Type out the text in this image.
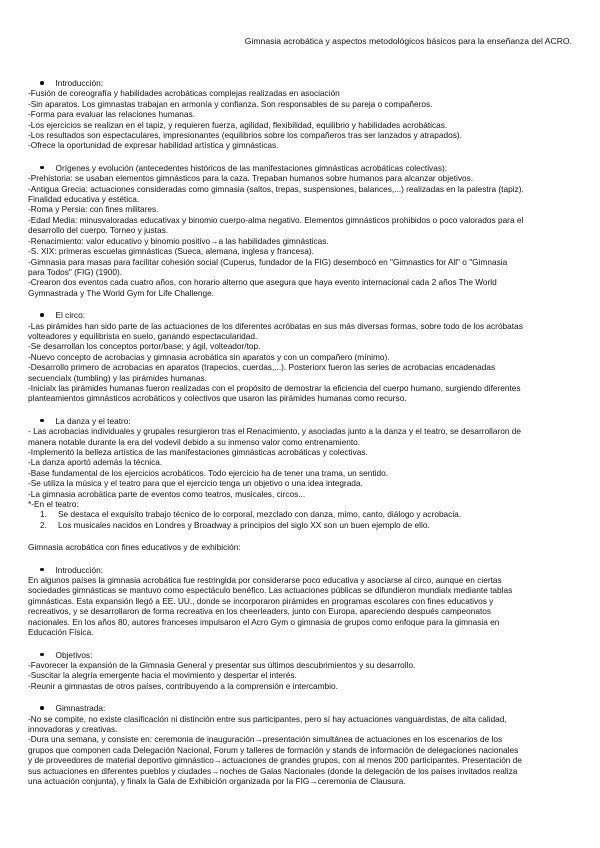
Gimnasia acrobática y aspectos metodológicos básicos para la enseñanza del ACRO.
Introducción:
-Fusión de coreografía y habilidades acrobáticas complejas realizadas en asociación
-Sin aparatos. Los gimnastas trabajan en armonía y confianza. Son responsables de su pareja o compañeros.
-Forma para evaluar las relaciones humanas.
-Los ejercicios se realizan en el tapiz, y requieren fuerza, agilidad, flexibilidad, equilibrio y habilidades acrobáticas.
-Los resultados son espectaculares, impresionantes (equilibrios sobre los compañeros tras ser lanzados y atrapados).
-Ofrece la oportunidad de expresar habilidad artística y gimnásticas.
Orígenes y evolución (antecedentes históricos de las manifestaciones gimnásticas acrobáticas colectivas):
-Prehistoria: se usaban elementos gimnásticos para la caza. Trepaban humanos sobre humanos para alcanzar objetivos.
-Antigua Grecia: actuaciones consideradas como gimnasia (saltos, trepas, suspensiones, balances,...) realizadas en la palestra (tapiz).
Finalidad educativa y estética.
-Roma y Persia: con fines militares.
-Edad Media: minusvaloradas educativax y binomio cuerpo-alma negativo. Elementos gimnásticos prohibidos o poco valorados para el
desarrollo del cuerpo. Torneo y justas.
-Renacimiento: valor educativo y binomio positivo→a las habilidades gimnásticas.
-S. XIX: primeras escuelas gimnásticas (Sueca, alemana, inglesa y francesa).
-Gimnasia para masas para facilitar cohesión social (Cuperus, fundador de la FIG) desembocó en "Gimnastics for All" o "Gimnasia
para Todos" (FIG) (1900).
-Crearon dos eventos cada cuatro años, con horario alterno que asegura que haya evento internacional cada 2 años The World
Gymnastrada y The World Gym for Life Challenge.
El circo:
-Las pirámides han sido parte de las actuaciones de los diferentes acróbatas en sus más diversas formas, sobre todo de los acróbatas
volteadores y equilibrista en suelo, ganando espectacularidad.
-Se desarrollan los conceptos portor/base; y ágil, volteador/top.
-Nuevo concepto de acrobacias y gimnasia acrobática sin aparatos y con un compañero (mínimo).
-Desarrollo primero de acrobacias en aparatos (trapecios, cuerdas,...). Posteriorx fueron las series de acrobacias encadenadas
secuencialx (tumbling) y las pirámides humanas.
-Inicialx las pirámides humanas fueron realizadas con el propósito de demostrar la eficiencia del cuerpo humano, surgiendo diferentes
planteamientos gimnásticos acrobáticos y colectivos que usaron las pirámides humanas como recurso.
La danza y el teatro:
- Las acrobacias individuales y grupales resurgieron tras el Renacimiento, y asociadas junto a la danza y el teatro, se desarrollaron de
manera notable durante la era del vodevil debido a su inmenso valor como entrenamiento.
-Implementó la belleza artística de las manifestaciones gimnásticas acrobáticas y colectivas.
-La danza aportó además la técnica.
-Base fundamental de los ejercicios acrobáticos. Todo ejercicio ha de tener una trama, un sentido.
-Se utiliza la música y el teatro para que el ejercicio tenga un objetivo o una idea integrada.
-La gimnasia acrobática parte de eventos como teatros, musicales, circos...
*-En el teatro:
1. Se destaca el exquisito trabajo técnico de lo corporal, mezclado con danza, mimo, canto, diálogo y acrobacia.
2. Los musicales nacidos en Londres y Broadway a principios del siglo XX son un buen ejemplo de ello.
Gimnasia acrobática con fines educativos y de exhibición:
Introducción:
En algunos países la gimnasia acrobática fue restringida por considerarse poco educativa y asociarse al circo, aunque en ciertas
sociedades gimnásticas se mantuvo como espectáculo benéfico. Las actuaciones públicas se difundieron mundialx mediante tablas
gimnásticas. Esta expansión llegó a EE. UU., donde se incorporaron pirámides en programas escolares con fines educativos y
recreativos, y se desarrollaron de forma recreativa en los cheerleaders, junto con Europa, apareciendo después campeonatos
nacionales. En los años 80, autores franceses impulsaron el Acro Gym o gimnasia de grupos como enfoque para la gimnasia en
Educación Física.
Objetivos:
-Favorecer la expansión de la Gimnasia General y presentar sus últimos descubrimientos y su desarrollo.
-Suscitar la alegría emergente hacia el movimiento y despertar el interés.
-Reunir a gimnastas de otros países, contribuyendo a la comprensión e intercambio.
Gimnastrada:
-No se compite, no existe clasificación ni distinción entre sus participantes, pero sí hay actuaciones vanguardistas, de alta calidad,
innovadoras y creativas.
-Dura una semana, y consiste en: ceremonia de inauguración→presentación simultánea de actuaciones en los escenarios de los
grupos que componen cada Delegación Nacional, Forum y talleres de formación y stands de información de delegaciones nacionales
y de proveedores de material deportivo gimnástico→actuaciones de grandes grupos, con al menos 200 participantes. Presentación de
sus actuaciones en diferentes pueblos y ciudades→noches de Galas Nacionales (donde la delegación de los países invitados realiza
una actuación conjunta), y finalx la Gala de Exhibición organizada por la FIG→ceremonia de Clausura.
